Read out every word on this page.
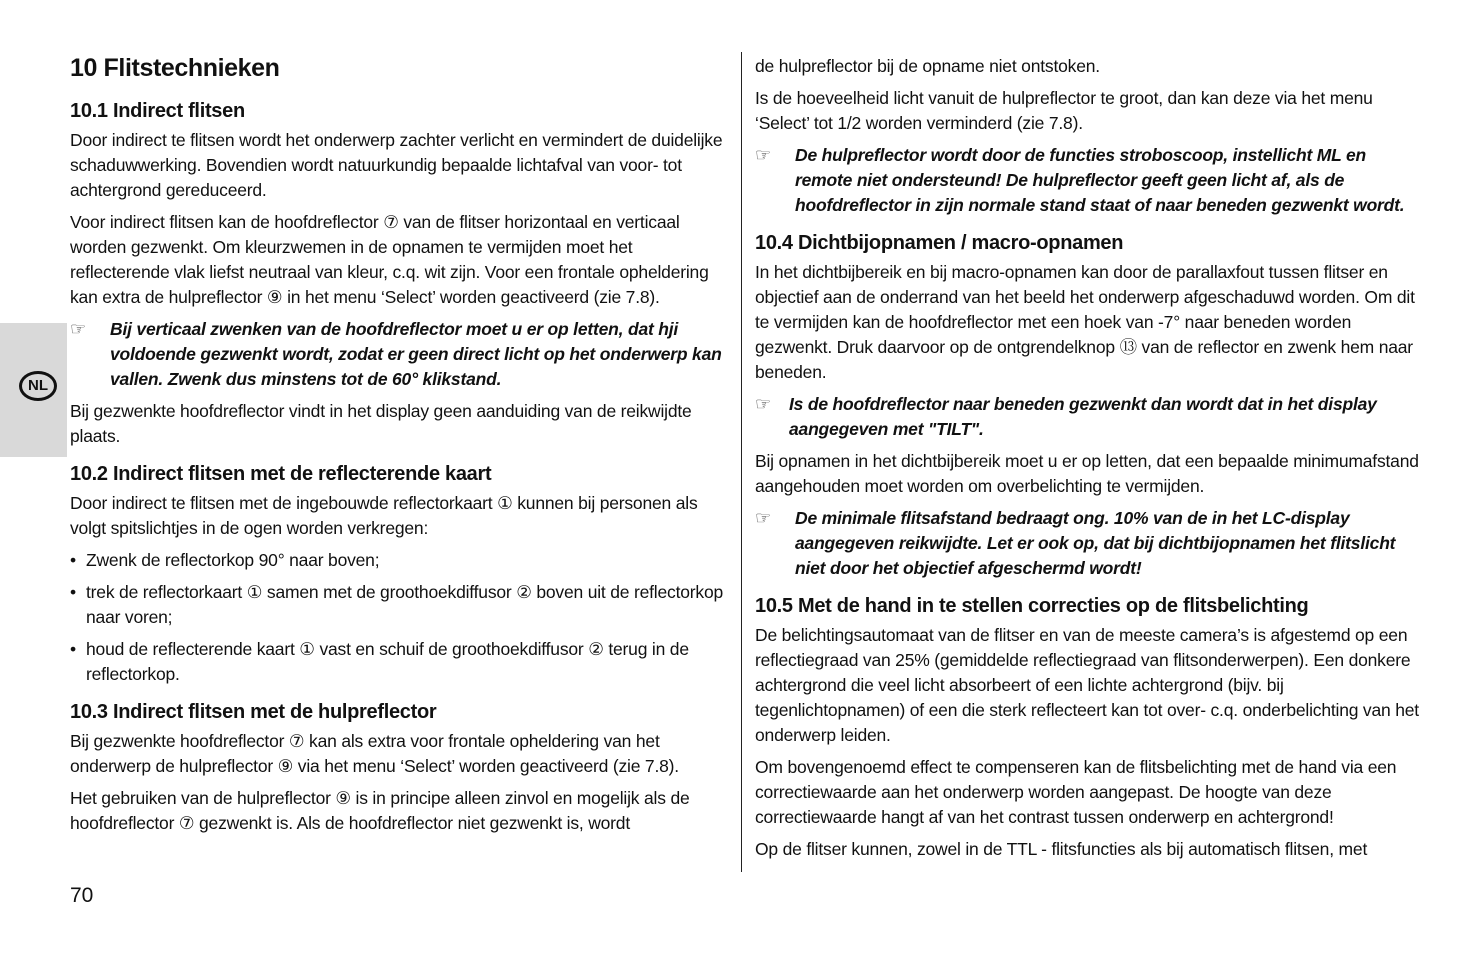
NL
10 Flitstechnieken
10.1 Indirect flitsen

Door indirect te flitsen wordt het onderwerp zachter verlicht en vermindert de duidelijke schaduwwerking. Bovendien wordt natuurkundig bepaalde lichtafval van voor- tot achtergrond gereduceerd.

Voor indirect flitsen kan de hoofdreflector ⑦ van de flitser horizontaal en verticaal worden gezwenkt. Om kleurzwemen in de opnamen te vermijden moet het reflecterende vlak liefst neutraal van kleur, c.q. wit zijn. Voor een frontale opheldering kan extra de hulpreflector ⑨ in het menu ‘Select’ worden geactiveerd (zie 7.8).

☞	Bij verticaal zwenken van de hoofdreflector moet u er op letten, dat hji voldoende gezwenkt wordt, zodat er geen direct licht op het onderwerp kan vallen. Zwenk dus minstens tot de 60° klikstand.

Bij gezwenkte hoofdreflector vindt in het display geen aanduiding van de reikwijdte plaats.

10.2 Indirect flitsen met de reflecterende kaart

Door indirect te flitsen met de ingebouwde reflectorkaart ① kunnen bij personen als volgt spitslichtjes in de ogen worden verkregen:

• Zwenk de reflectorkop 90° naar boven;
• trek de reflectorkaart ① samen met de groothoekdiffusor ② boven uit de reflectorkop naar voren;
• houd de reflecterende kaart ① vast en schuif de groothoekdiffusor ② terug in de reflectorkop.
10.3 Indirect flitsen met de hulpreflector

Bij gezwenkte hoofdreflector ⑦ kan als extra voor frontale opheldering van het onderwerp de hulpreflector ⑨ via het menu ‘Select’ worden geactiveerd (zie 7.8).

Het gebruiken van de hulpreflector ⑨ is in principe alleen zinvol en mogelijk als de hoofdreflector ⑦ gezwenkt is. Als de hoofdreflector niet gezwenkt is, wordt

de hulpreflector bij de opname niet ontstoken.

Is de hoeveelheid licht vanuit de hulpreflector te groot, dan kan deze via het menu ‘Select’ tot 1/2 worden verminderd (zie 7.8).

☞	De hulpreflector wordt door de functies stroboscoop, instellicht ML en remote niet ondersteund! De hulpreflector geeft geen licht af, als de hoofdreflector in zijn normale stand staat of naar beneden gezwenkt wordt.
10.4 Dichtbijopnamen / macro-opnamen

In het dichtbijbereik en bij macro-opnamen kan door de parallaxfout tussen flitser en objectief aan de onderrand van het beeld het onderwerp afgeschaduwd worden. Om dit te vermijden kan de hoofdreflector met een hoek van -7° naar beneden worden gezwenkt. Druk daarvoor op de ontgrendelknop ⑬ van de reflector en zwenk hem naar beneden.

☞	Is de hoofdreflector naar beneden gezwenkt dan wordt dat in het display aangegeven met "TILT".

Bij opnamen in het dichtbijbereik moet u er op letten, dat een bepaalde minimumafstand aangehouden moet worden om overbelichting te vermijden.

☞	De minimale flitsafstand bedraagt ong. 10% van de in het LC-display aangegeven reikwijdte. Let er ook op, dat bij dichtbijopnamen het flitslicht niet door het objectief afgeschermd wordt!
10.5 Met de hand in te stellen correcties op de flitsbelichting

De belichtingsautomaat van de flitser en van de meeste camera’s is afgestemd op een reflectiegraad van 25% (gemiddelde reflectiegraad van flitsonderwerpen). Een donkere achtergrond die veel licht absorbeert of een lichte achtergrond (bijv. bij tegenlichtopnamen) of een die sterk reflecteert kan tot over- c.q. onderbelichting van het onderwerp leiden.

Om bovengenoemd effect te compenseren kan de flitsbelichting met de hand via een correctiewaarde aan het onderwerp worden aangepast. De hoogte van deze correctiewaarde hangt af van het contrast tussen onderwerp en achtergrond!

Op de flitser kunnen, zowel in de TTL - flitsfuncties als bij automatisch flitsen, met

70
